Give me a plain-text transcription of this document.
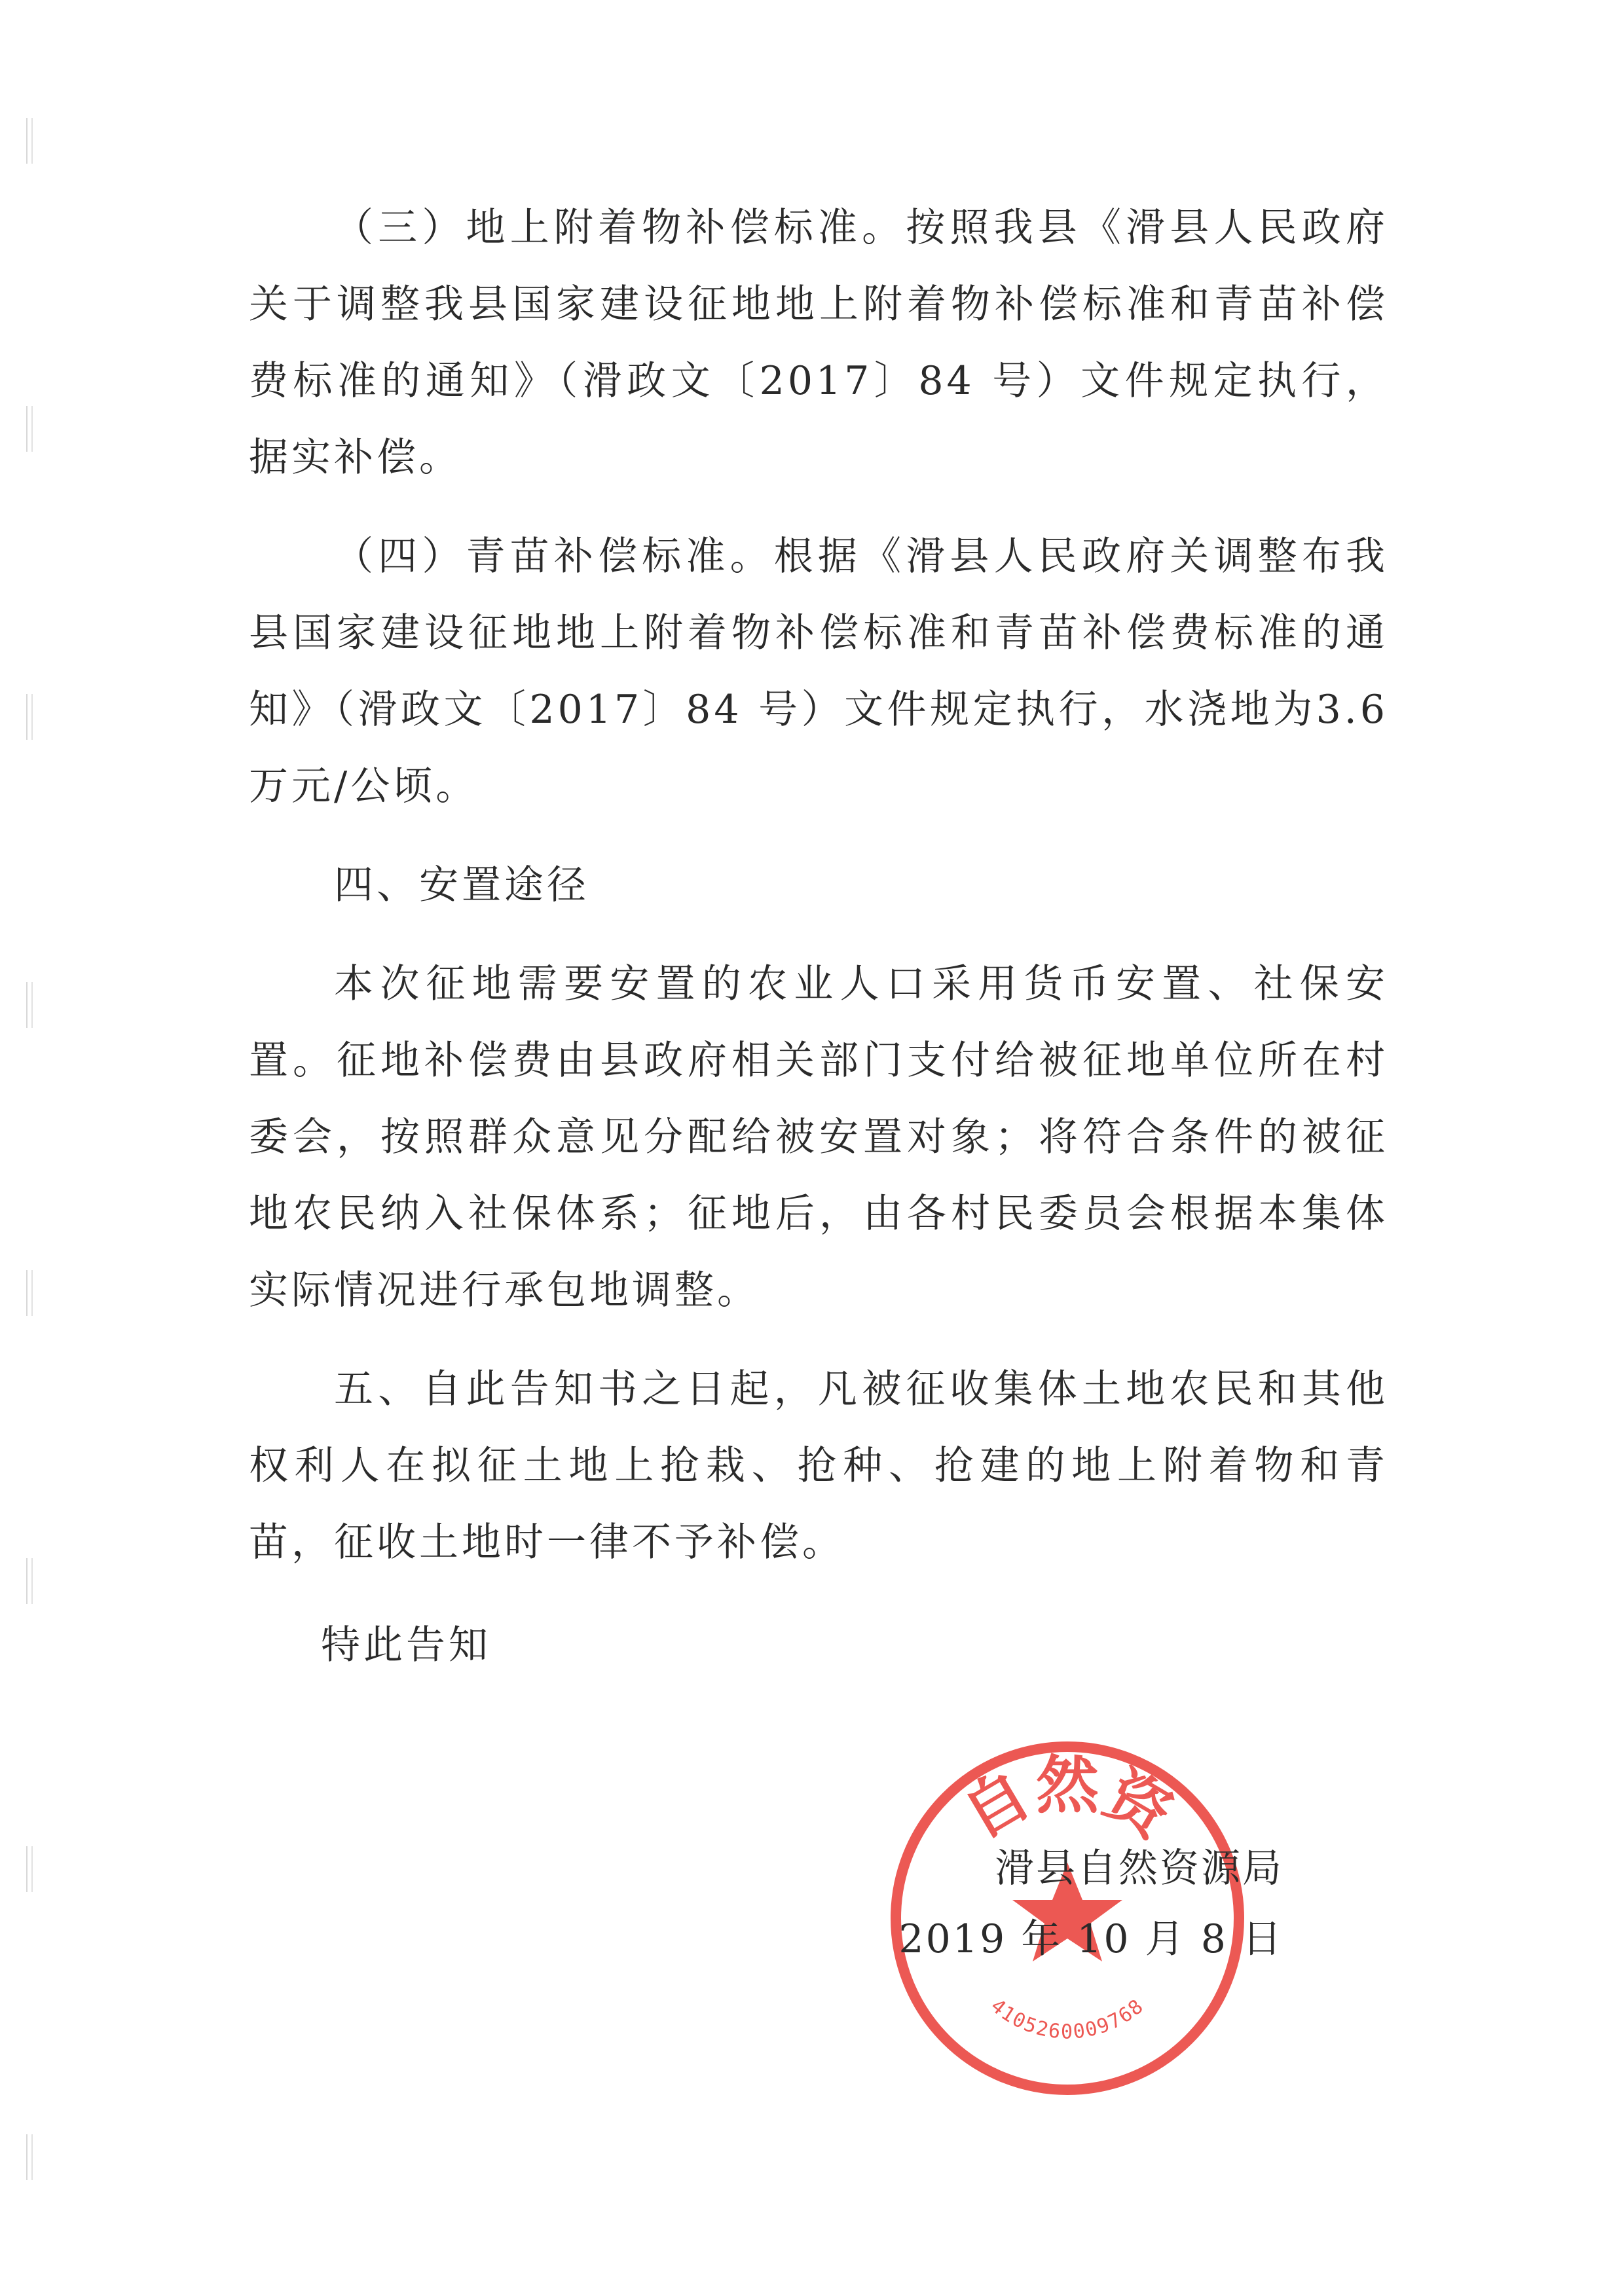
（三）地上附着物补偿标准。按照我县《滑县人民政府关于调整我县国家建设征地地上附着物补偿标准和青苗补偿费标准的通知》（滑政文〔2017〕84 号）文件规定执行，据实补偿。

（四）青苗补偿标准。根据《滑县人民政府关调整布我县国家建设征地地上附着物补偿标准和青苗补偿费标准的通知》（滑政文〔2017〕84 号）文件规定执行，水浇地为3.6万元/公顷。

四、安置途径

本次征地需要安置的农业人口采用货币安置、社保安置。征地补偿费由县政府相关部门支付给被征地单位所在村委会，按照群众意见分配给被安置对象；将符合条件的被征地农民纳入社保体系；征地后，由各村民委员会根据本集体实际情况进行承包地调整。

五、自此告知书之日起，凡被征收集体土地农民和其他权利人在拟征土地上抢栽、抢种、抢建的地上附着物和青苗，征收土地时一律不予补偿。

特此告知

自然资
4105260009768
滑县自然资源局
2019 年 10 月 8 日
